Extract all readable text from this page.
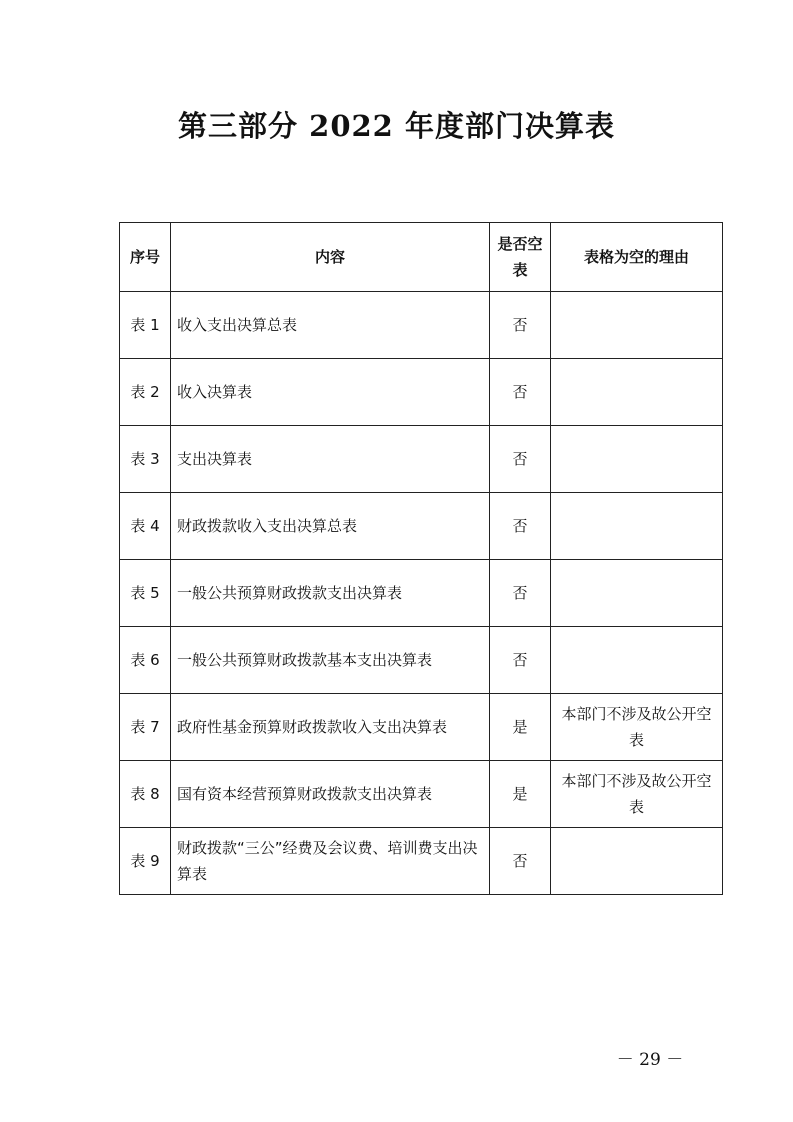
第三部分 2022 年度部门决算表
序号	内容	是否空表	表格为空的理由
表 1	收入支出决算总表	否	
表 2	收入决算表	否	
表 3	支出决算表	否	
表 4	财政拨款收入支出决算总表	否	
表 5	一般公共预算财政拨款支出决算表	否	
表 6	一般公共预算财政拨款基本支出决算表	否	
表 7	政府性基金预算财政拨款收入支出决算表	是	本部门不涉及故公开空表
表 8	国有资本经营预算财政拨款支出决算表	是	本部门不涉及故公开空表
表 9	财政拨款“三公”经费及会议费、培训费支出决算表	否	
－ 29 －
